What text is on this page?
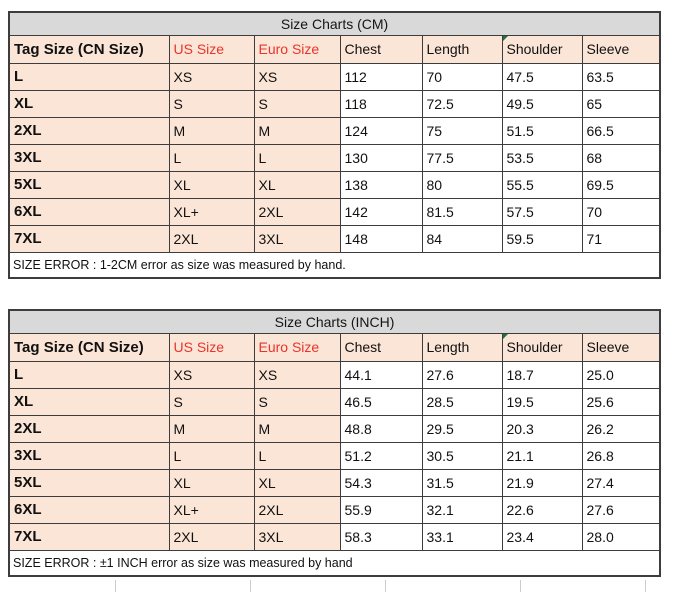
Size Charts (CM)						
Tag Size (CN Size)	US Size	Euro Size	Chest	Length	Shoulder	Sleeve
L	XS	XS	112	70	47.5	63.5
XL	S	S	118	72.5	49.5	65
2XL	M	M	124	75	51.5	66.5
3XL	L	L	130	77.5	53.5	68
5XL	XL	XL	138	80	55.5	69.5
6XL	XL+	2XL	142	81.5	57.5	70
7XL	2XL	3XL	148	84	59.5	71
SIZE ERROR : 1-2CM error as size was measured by hand.						
Size Charts (INCH)						
Tag Size (CN Size)	US Size	Euro Size	Chest	Length	Shoulder	Sleeve
L	XS	XS	44.1	27.6	18.7	25.0
XL	S	S	46.5	28.5	19.5	25.6
2XL	M	M	48.8	29.5	20.3	26.2
3XL	L	L	51.2	30.5	21.1	26.8
5XL	XL	XL	54.3	31.5	21.9	27.4
6XL	XL+	2XL	55.9	32.1	22.6	27.6
7XL	2XL	3XL	58.3	33.1	23.4	28.0
SIZE ERROR : ±1 INCH error as size was measured by hand						
